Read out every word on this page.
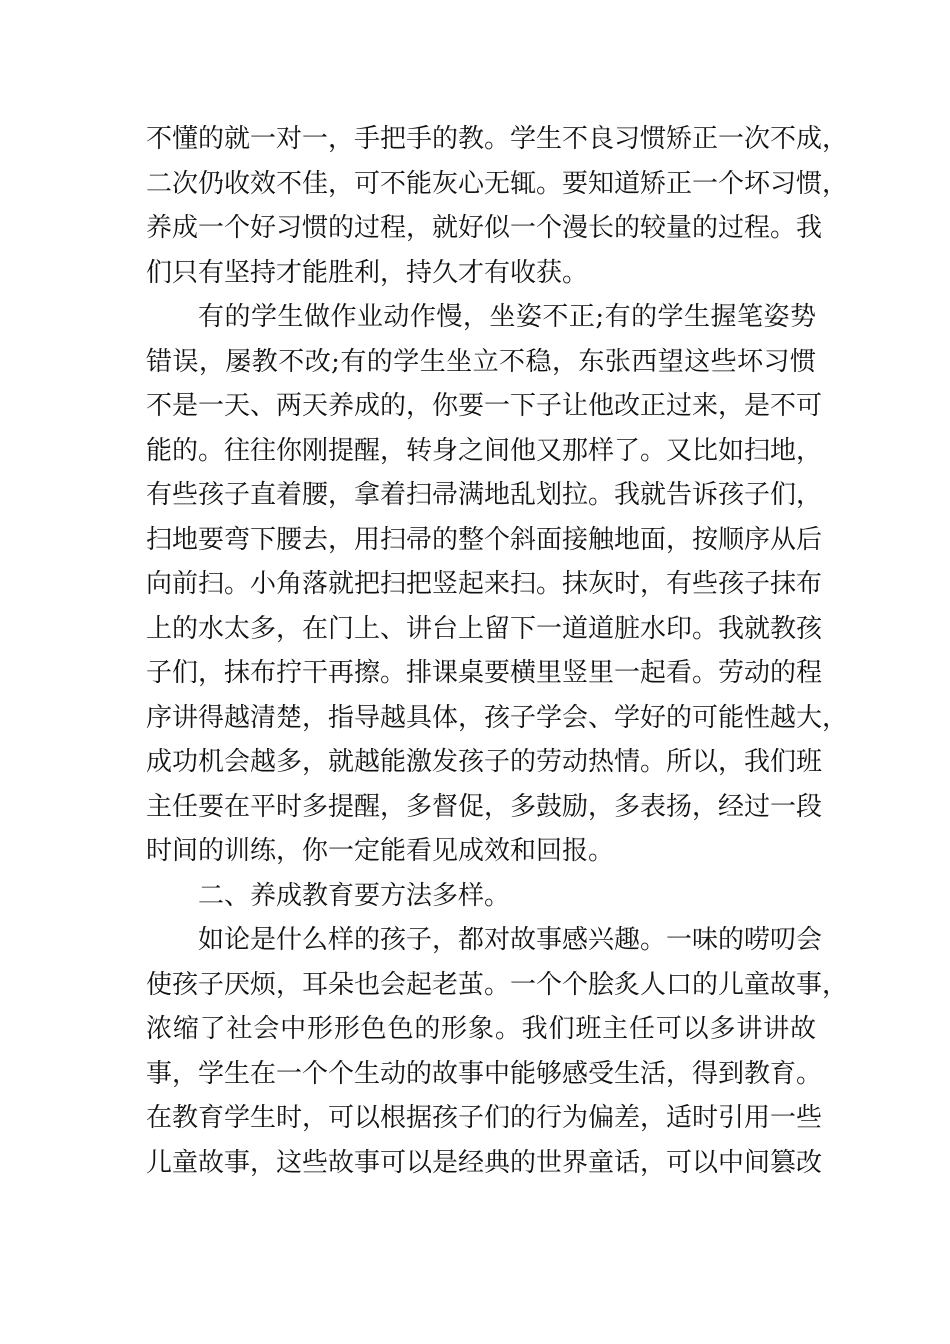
不懂的就一对一，手把手的教。学生不良习惯矫正一次不成，
二次仍收效不佳，可不能灰心无辄。要知道矫正一个坏习惯，
养成一个好习惯的过程，就好似一个漫长的较量的过程。我
们只有坚持才能胜利，持久才有收获。
有的学生做作业动作慢，坐姿不正;有的学生握笔姿势
错误，屡教不改;有的学生坐立不稳，东张西望这些坏习惯
不是一天、两天养成的，你要一下子让他改正过来，是不可
能的。往往你刚提醒，转身之间他又那样了。又比如扫地，
有些孩子直着腰，拿着扫帚满地乱划拉。我就告诉孩子们，
扫地要弯下腰去，用扫帚的整个斜面接触地面，按顺序从后
向前扫。小角落就把扫把竖起来扫。抹灰时，有些孩子抹布
上的水太多，在门上、讲台上留下一道道脏水印。我就教孩
子们，抹布拧干再擦。排课桌要横里竖里一起看。劳动的程
序讲得越清楚，指导越具体，孩子学会、学好的可能性越大，
成功机会越多，就越能激发孩子的劳动热情。所以，我们班
主任要在平时多提醒，多督促，多鼓励，多表扬，经过一段
时间的训练，你一定能看见成效和回报。
二、养成教育要方法多样。
如论是什么样的孩子，都对故事感兴趣。一味的唠叨会
使孩子厌烦，耳朵也会起老茧。一个个脍炙人口的儿童故事，
浓缩了社会中形形色色的形象。我们班主任可以多讲讲故
事，学生在一个个生动的故事中能够感受生活，得到教育。
在教育学生时，可以根据孩子们的行为偏差，适时引用一些
儿童故事，这些故事可以是经典的世界童话，可以中间篡改
